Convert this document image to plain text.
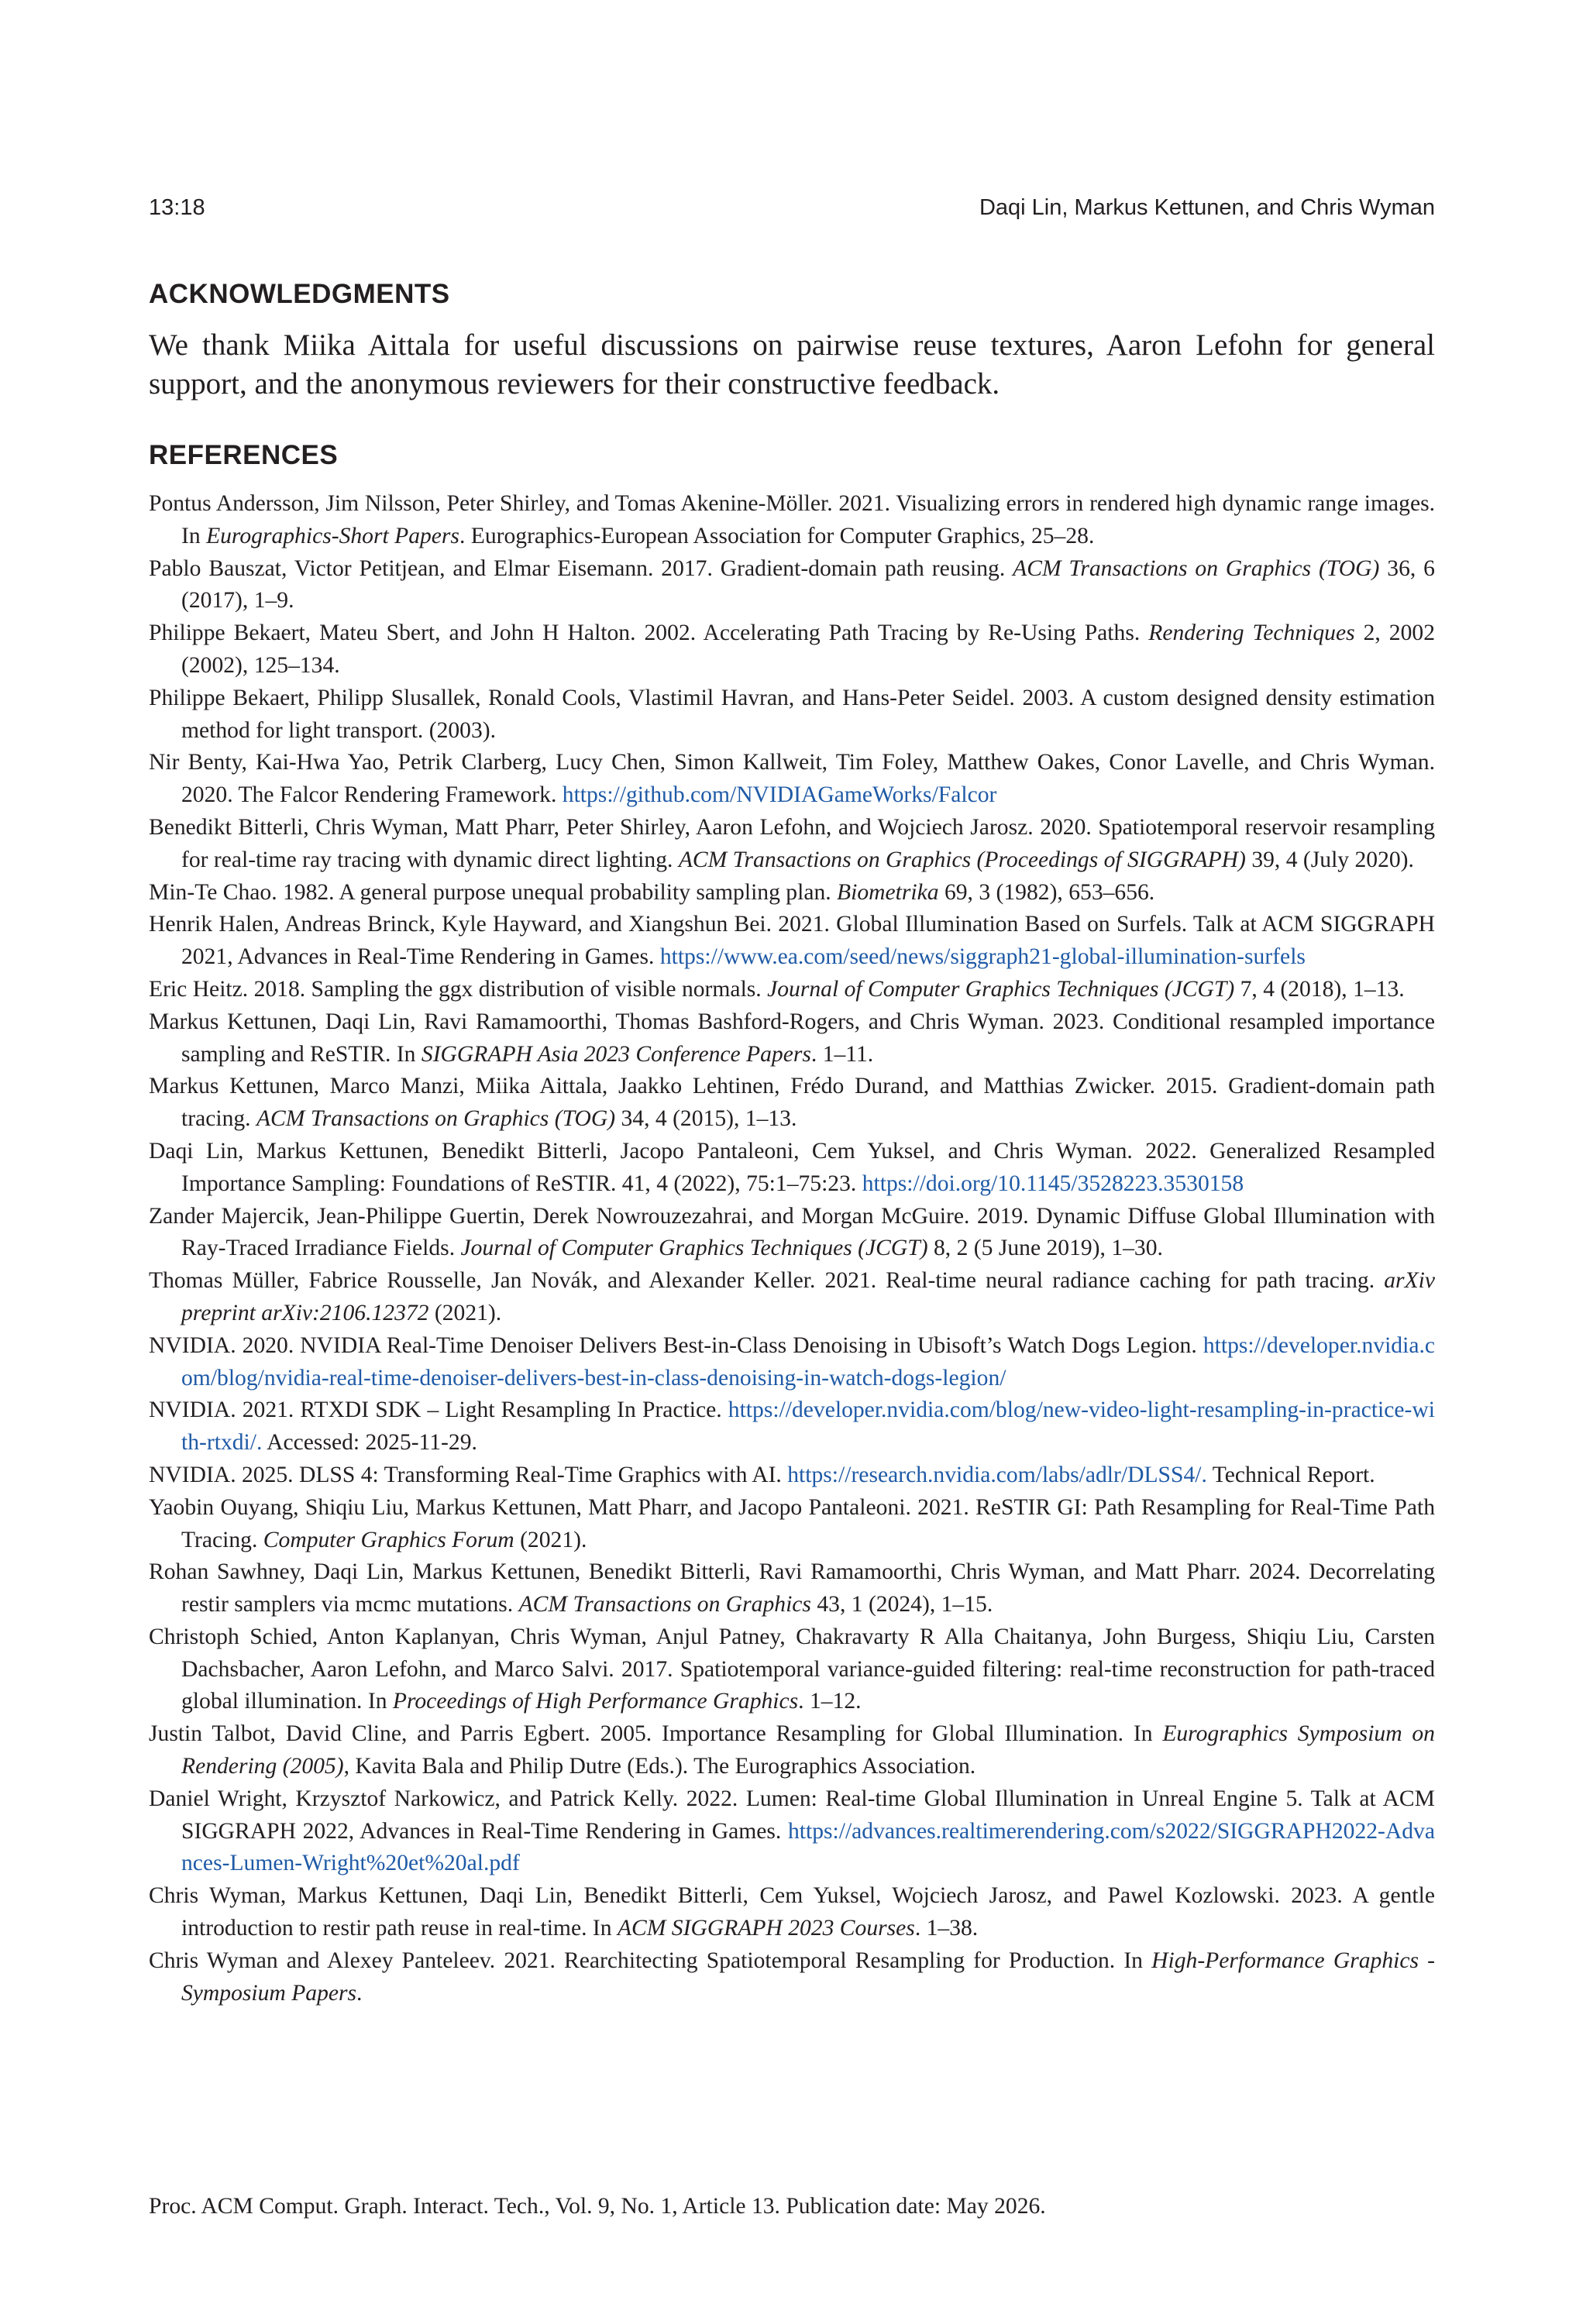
13:18	Daqi Lin, Markus Kettunen, and Chris Wyman
ACKNOWLEDGMENTS
We thank Miika Aittala for useful discussions on pairwise reuse textures, Aaron Lefohn for general support, and the anonymous reviewers for their constructive feedback.
REFERENCES
Pontus Andersson, Jim Nilsson, Peter Shirley, and Tomas Akenine-Möller. 2021. Visualizing errors in rendered high dynamic range images. In Eurographics-Short Papers. Eurographics-European Association for Computer Graphics, 25–28.
Pablo Bauszat, Victor Petitjean, and Elmar Eisemann. 2017. Gradient-domain path reusing. ACM Transactions on Graphics (TOG) 36, 6 (2017), 1–9.
Philippe Bekaert, Mateu Sbert, and John H Halton. 2002. Accelerating Path Tracing by Re-Using Paths. Rendering Techniques 2, 2002 (2002), 125–134.
Philippe Bekaert, Philipp Slusallek, Ronald Cools, Vlastimil Havran, and Hans-Peter Seidel. 2003. A custom designed density estimation method for light transport. (2003).
Nir Benty, Kai-Hwa Yao, Petrik Clarberg, Lucy Chen, Simon Kallweit, Tim Foley, Matthew Oakes, Conor Lavelle, and Chris Wyman. 2020. The Falcor Rendering Framework. https://github.com/NVIDIAGameWorks/Falcor
Benedikt Bitterli, Chris Wyman, Matt Pharr, Peter Shirley, Aaron Lefohn, and Wojciech Jarosz. 2020. Spatiotemporal reservoir resampling for real-time ray tracing with dynamic direct lighting. ACM Transactions on Graphics (Proceedings of SIGGRAPH) 39, 4 (July 2020).
Min-Te Chao. 1982. A general purpose unequal probability sampling plan. Biometrika 69, 3 (1982), 653–656.
Henrik Halen, Andreas Brinck, Kyle Hayward, and Xiangshun Bei. 2021. Global Illumination Based on Surfels. Talk at ACM SIGGRAPH 2021, Advances in Real-Time Rendering in Games. https://www.ea.com/seed/news/siggraph21-global-illumination-surfels
Eric Heitz. 2018. Sampling the ggx distribution of visible normals. Journal of Computer Graphics Techniques (JCGT) 7, 4 (2018), 1–13.
Markus Kettunen, Daqi Lin, Ravi Ramamoorthi, Thomas Bashford-Rogers, and Chris Wyman. 2023. Conditional resampled importance sampling and ReSTIR. In SIGGRAPH Asia 2023 Conference Papers. 1–11.
Markus Kettunen, Marco Manzi, Miika Aittala, Jaakko Lehtinen, Frédo Durand, and Matthias Zwicker. 2015. Gradient-domain path tracing. ACM Transactions on Graphics (TOG) 34, 4 (2015), 1–13.
Daqi Lin, Markus Kettunen, Benedikt Bitterli, Jacopo Pantaleoni, Cem Yuksel, and Chris Wyman. 2022. Generalized Resampled Importance Sampling: Foundations of ReSTIR. 41, 4 (2022), 75:1–75:23. https://doi.org/10.1145/3528223.3530158
Zander Majercik, Jean-Philippe Guertin, Derek Nowrouzezahrai, and Morgan McGuire. 2019. Dynamic Diffuse Global Illumination with Ray-Traced Irradiance Fields. Journal of Computer Graphics Techniques (JCGT) 8, 2 (5 June 2019), 1–30.
Thomas Müller, Fabrice Rousselle, Jan Novák, and Alexander Keller. 2021. Real-time neural radiance caching for path tracing. arXiv preprint arXiv:2106.12372 (2021).
NVIDIA. 2020. NVIDIA Real-Time Denoiser Delivers Best-in-Class Denoising in Ubisoft’s Watch Dogs Legion. https://developer.nvidia.com/blog/nvidia-real-time-denoiser-delivers-best-in-class-denoising-in-watch-dogs-legion/
NVIDIA. 2021. RTXDI SDK – Light Resampling In Practice. https://developer.nvidia.com/blog/new-video-light-resampling-in-practice-with-rtxdi/. Accessed: 2025-11-29.
NVIDIA. 2025. DLSS 4: Transforming Real-Time Graphics with AI. https://research.nvidia.com/labs/adlr/DLSS4/. Technical Report.
Yaobin Ouyang, Shiqiu Liu, Markus Kettunen, Matt Pharr, and Jacopo Pantaleoni. 2021. ReSTIR GI: Path Resampling for Real-Time Path Tracing. Computer Graphics Forum (2021).
Rohan Sawhney, Daqi Lin, Markus Kettunen, Benedikt Bitterli, Ravi Ramamoorthi, Chris Wyman, and Matt Pharr. 2024. Decorrelating restir samplers via mcmc mutations. ACM Transactions on Graphics 43, 1 (2024), 1–15.
Christoph Schied, Anton Kaplanyan, Chris Wyman, Anjul Patney, Chakravarty R Alla Chaitanya, John Burgess, Shiqiu Liu, Carsten Dachsbacher, Aaron Lefohn, and Marco Salvi. 2017. Spatiotemporal variance-guided filtering: real-time reconstruction for path-traced global illumination. In Proceedings of High Performance Graphics. 1–12.
Justin Talbot, David Cline, and Parris Egbert. 2005. Importance Resampling for Global Illumination. In Eurographics Symposium on Rendering (2005), Kavita Bala and Philip Dutre (Eds.). The Eurographics Association.
Daniel Wright, Krzysztof Narkowicz, and Patrick Kelly. 2022. Lumen: Real-time Global Illumination in Unreal Engine 5. Talk at ACM SIGGRAPH 2022, Advances in Real-Time Rendering in Games. https://advances.realtimerendering.com/s2022/SIGGRAPH2022-Advances-Lumen-Wright%20et%20al.pdf
Chris Wyman, Markus Kettunen, Daqi Lin, Benedikt Bitterli, Cem Yuksel, Wojciech Jarosz, and Pawel Kozlowski. 2023. A gentle introduction to restir path reuse in real-time. In ACM SIGGRAPH 2023 Courses. 1–38.
Chris Wyman and Alexey Panteleev. 2021. Rearchitecting Spatiotemporal Resampling for Production. In High-Performance Graphics - Symposium Papers.
Proc. ACM Comput. Graph. Interact. Tech., Vol. 9, No. 1, Article 13. Publication date: May 2026.
